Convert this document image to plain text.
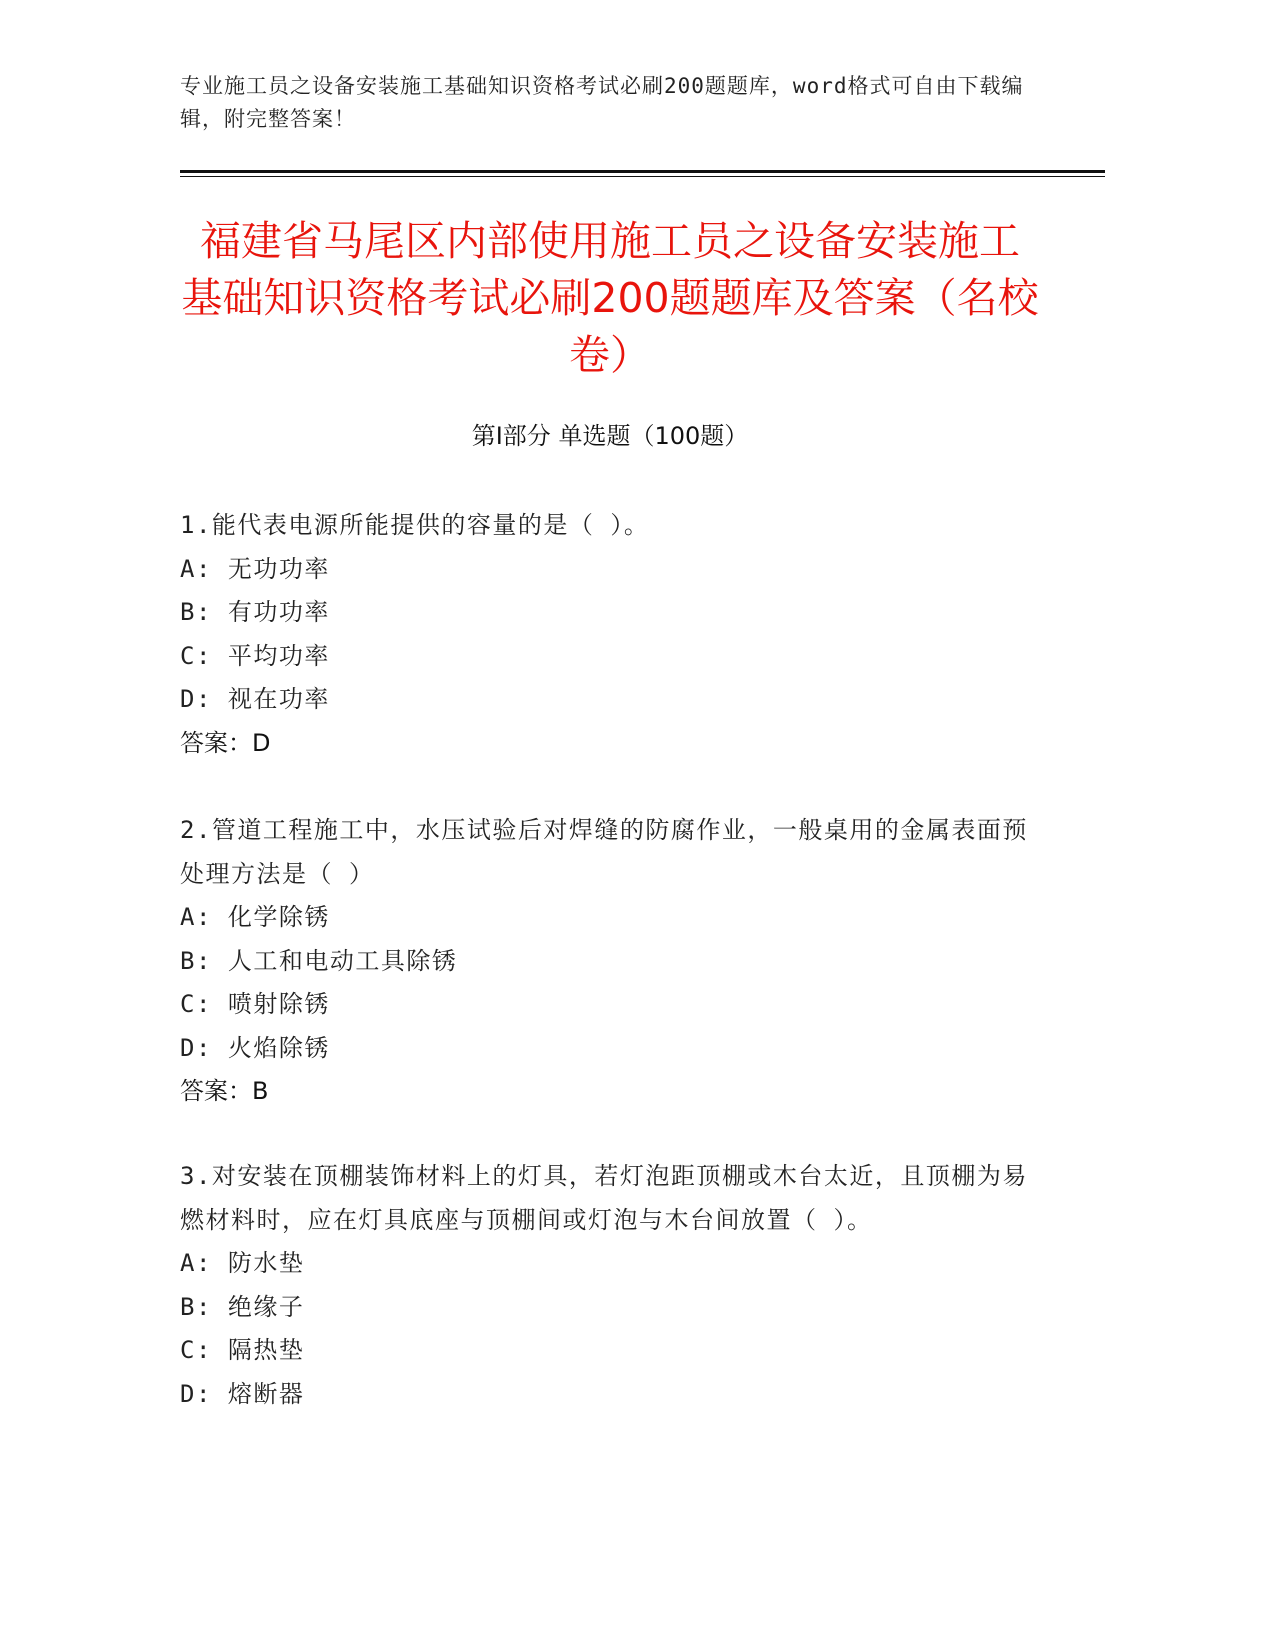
专业施工员之设备安装施工基础知识资格考试必刷200题题库，word格式可自由下载编辑，附完整答案！
福建省马尾区内部使用施工员之设备安装施工基础知识资格考试必刷200题题库及答案（名校卷）
第Ⅰ部分 单选题（100题）
1.能代表电源所能提供的容量的是（ ）。
A: 无功功率
B: 有功功率
C: 平均功率
D: 视在功率
答案：D
2.管道工程施工中，水压试验后对焊缝的防腐作业，一般桌用的金属表面预处理方法是（ ）
A: 化学除锈
B: 人工和电动工具除锈
C: 喷射除锈
D: 火焰除锈
答案：B
3.对安装在顶棚装饰材料上的灯具，若灯泡距顶棚或木台太近，且顶棚为易燃材料时，应在灯具底座与顶棚间或灯泡与木台间放置（ ）。
A: 防水垫
B: 绝缘子
C: 隔热垫
D: 熔断器
